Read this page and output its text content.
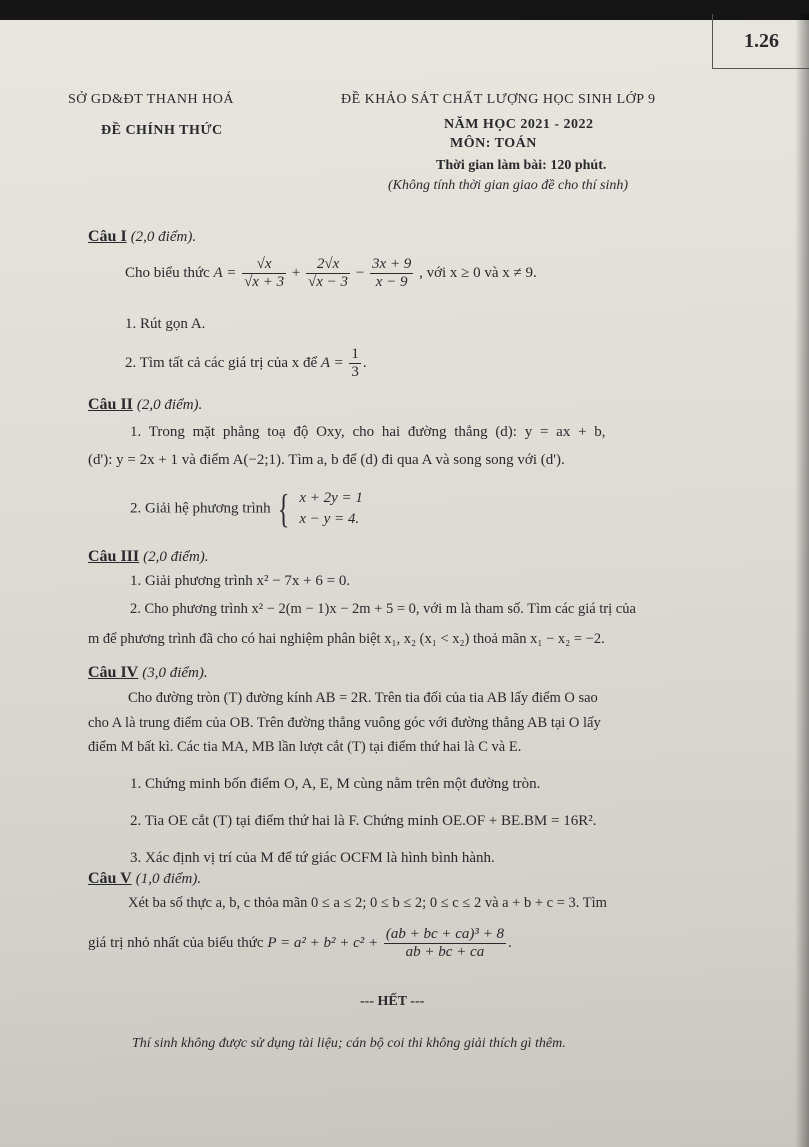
1.26
SỞ GD&ĐT THANH HOÁ
ĐỀ CHÍNH THỨC
ĐỀ KHẢO SÁT CHẤT LƯỢNG HỌC SINH LỚP 9
NĂM HỌC 2021 - 2022
MÔN: TOÁN
Thời gian làm bài: 120 phút.
(Không tính thời gian giao đề cho thí sinh)
Câu I (2,0 điểm).
Cho biểu thức $A = \frac{√x}{√x + 3} + \frac{2√x}{√x - 3} - \frac{3x + 9}{x - 9}$ , với x ≥ 0 và x ≠ 9.
1. Rút gọn A.
2. Tìm tất cả các giá trị của x để $A = \frac{1}{3}$ .
Câu II (2,0 điểm).
1. Trong mặt phẳng toạ độ Oxy, cho hai đường thẳng (d): y = ax + b,
(d'): y = 2x + 1 và điểm A(−2;1). Tìm a, b để (d) đi qua A và song song với (d').
2. Giải hệ phương trình { x + 2y = 1
x − y = 4.
Câu III (2,0 điểm).
1. Giải phương trình x² − 7x + 6 = 0.
2. Cho phương trình x² − 2(m − 1)x − 2m + 5 = 0, với m là tham số. Tìm các giá trị của
m để phương trình đã cho có hai nghiệm phân biệt x₁, x₂ (x₁ < x₂) thoả mãn x₁ − x₂ = −2.
Câu IV (3,0 điểm).
Cho đường tròn (T) đường kính AB = 2R. Trên tia đối của tia AB lấy điểm O sao
cho A là trung điểm của OB. Trên đường thẳng vuông góc với đường thẳng AB tại O lấy
điểm M bất kì. Các tia MA, MB lần lượt cắt (T) tại điểm thứ hai là C và E.
1. Chứng minh bốn điểm O, A, E, M cùng nằm trên một đường tròn.
2. Tia OE cắt (T) tại điểm thứ hai là F. Chứng minh OE.OF + BE.BM = 16R².
3. Xác định vị trí của M để tứ giác OCFM là hình bình hành.
Câu V (1,0 điểm).
Xét ba số thực a, b, c thỏa mãn 0 ≤ a ≤ 2; 0 ≤ b ≤ 2; 0 ≤ c ≤ 2 và a + b + c = 3. Tìm
giá trị nhỏ nhất của biểu thức $P = a^2 + b^2 + c^2 + \frac{\text{(ab + bc + ca)³ + 8}}{ab + bc + ca}$ .
--- HẾT ---
Thí sinh không được sử dụng tài liệu; cán bộ coi thi không giải thích gì thêm.
